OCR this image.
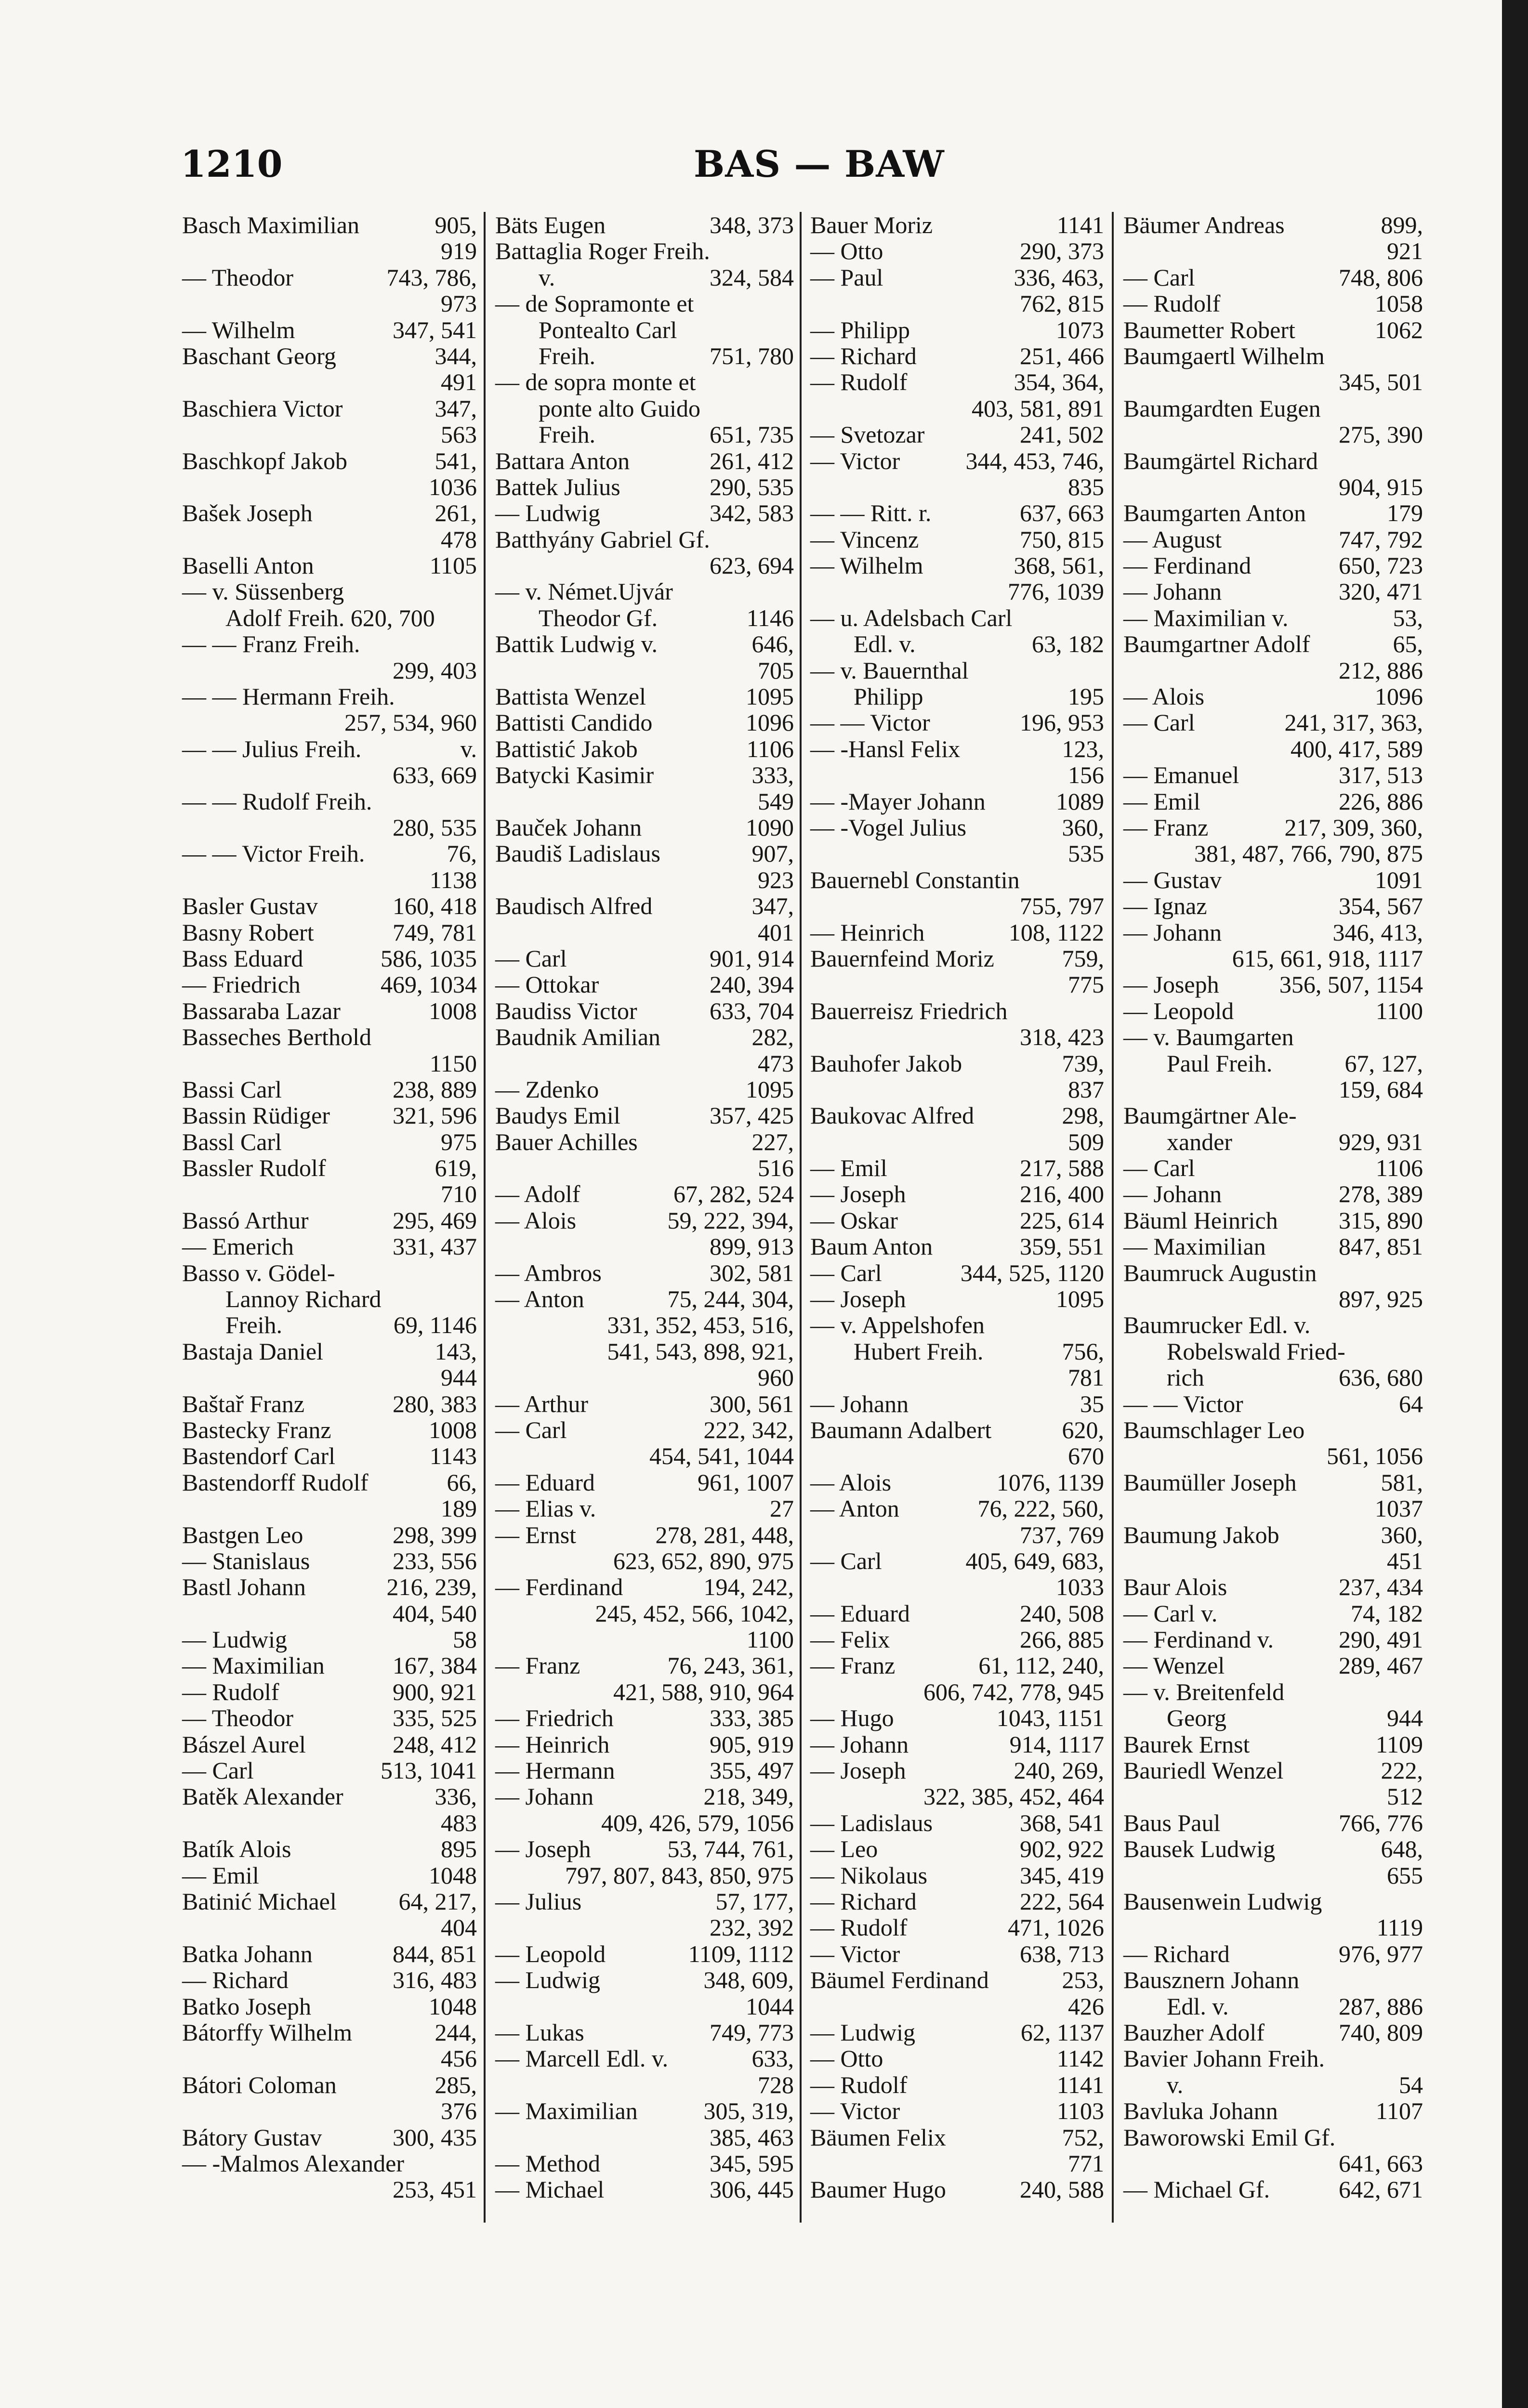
1210	BAS — BAW
Basch Maximilian	905,
919
— Theodor	743, 786,
973
— Wilhelm	347, 541
Baschant Georg	344,
491
Baschiera Victor	347,
563
Baschkopf Jakob	541,
1036
Bašek Joseph	261,
478
Baselli Anton	1105
— v. Süssenberg
Adolf Freih. 620, 700
— — Franz Freih.
299, 403
— — Hermann Freih.
257, 534, 960
— — Julius Freih.	v.
633, 669
— — Rudolf Freih.
280, 535
— — Victor Freih.	76,
1138
Basler Gustav	160, 418
Basny Robert	749, 781
Bass Eduard	586, 1035
— Friedrich	469, 1034
Bassaraba Lazar	1008
Basseches Berthold
1150
Bassi Carl	238, 889
Bassin Rüdiger	321, 596
Bassl Carl	975
Bassler Rudolf	619,
710
Bassó Arthur	295, 469
— Emerich	331, 437
Basso v. Gödel-
Lannoy Richard
Freih.	69, 1146
Bastaja Daniel	143,
944
Baštař Franz	280, 383
Bastecky Franz	1008
Bastendorf Carl	1143
Bastendorff Rudolf	66,
189
Bastgen Leo	298, 399
— Stanislaus	233, 556
Bastl Johann	216, 239,
404, 540
— Ludwig	58
— Maximilian	167, 384
— Rudolf	900, 921
— Theodor	335, 525
Bászel Aurel	248, 412
— Carl	513, 1041
Batěk Alexander	336,
483
Batík Alois	895
— Emil	1048
Batinić Michael	64, 217,
404
Batka Johann	844, 851
— Richard	316, 483
Batko Joseph	1048
Bátorffy Wilhelm	244,
456
Bátori Coloman	285,
376
Bátory Gustav	300, 435
— -Malmos Alexander
253, 451
Bäts Eugen	348, 373
Battaglia Roger Freih.
v.	324, 584
— de Sopramonte et
Pontealto Carl
Freih.	751, 780
— de sopra monte et
ponte alto Guido
Freih.	651, 735
Battara Anton	261, 412
Battek Julius	290, 535
— Ludwig	342, 583
Batthyány Gabriel Gf.
623, 694
— v. Német.Ujvár
Theodor Gf.	1146
Battik Ludwig v.	646,
705
Battista Wenzel	1095
Battisti Candido	1096
Battistić Jakob	1106
Batycki Kasimir	333,
549
Bauček Johann	1090
Baudiš Ladislaus	907,
923
Baudisch Alfred	347,
401
— Carl	901, 914
— Ottokar	240, 394
Baudiss Victor	633, 704
Baudnik Amilian	282,
473
— Zdenko	1095
Baudys Emil	357, 425
Bauer Achilles	227,
516
— Adolf	67, 282, 524
— Alois	59, 222, 394,
899, 913
— Ambros	302, 581
— Anton	75, 244, 304,
331, 352, 453, 516,
541, 543, 898, 921,
960
— Arthur	300, 561
— Carl	222, 342,
454, 541, 1044
— Eduard	961, 1007
— Elias v.	27
— Ernst	278, 281, 448,
623, 652, 890, 975
— Ferdinand	194, 242,
245, 452, 566, 1042,
1100
— Franz	76, 243, 361,
421, 588, 910, 964
— Friedrich	333, 385
— Heinrich	905, 919
— Hermann	355, 497
— Johann	218, 349,
409, 426, 579, 1056
— Joseph	53, 744, 761,
797, 807, 843, 850, 975
— Julius	57, 177,
232, 392
— Leopold	1109, 1112
— Ludwig	348, 609,
1044
— Lukas	749, 773
— Marcell Edl. v.	633,
728
— Maximilian	305, 319,
385, 463
— Method	345, 595
— Michael	306, 445
Bauer Moriz	1141
— Otto	290, 373
— Paul	336, 463,
762, 815
— Philipp	1073
— Richard	251, 466
— Rudolf	354, 364,
403, 581, 891
— Svetozar	241, 502
— Victor	344, 453, 746,
835
— — Ritt. r.	637, 663
— Vincenz	750, 815
— Wilhelm	368, 561,
776, 1039
— u. Adelsbach Carl
Edl. v.	63, 182
— v. Bauernthal
Philipp	195
— — Victor	196, 953
— -Hansl Felix	123,
156
— -Mayer Johann	1089
— -Vogel Julius	360,
535
Bauernebl Constantin
755, 797
— Heinrich	108, 1122
Bauernfeind Moriz	759,
775
Bauerreisz Friedrich
318, 423
Bauhofer Jakob	739,
837
Baukovac Alfred	298,
509
— Emil	217, 588
— Joseph	216, 400
— Oskar	225, 614
Baum Anton	359, 551
— Carl	344, 525, 1120
— Joseph	1095
— v. Appelshofen
Hubert Freih.	756,
781
— Johann	35
Baumann Adalbert	620,
670
— Alois	1076, 1139
— Anton	76, 222, 560,
737, 769
— Carl	405, 649, 683,
1033
— Eduard	240, 508
— Felix	266, 885
— Franz	61, 112, 240,
606, 742, 778, 945
— Hugo	1043, 1151
— Johann	914, 1117
— Joseph	240, 269,
322, 385, 452, 464
— Ladislaus	368, 541
— Leo	902, 922
— Nikolaus	345, 419
— Richard	222, 564
— Rudolf	471, 1026
— Victor	638, 713
Bäumel Ferdinand	253,
426
— Ludwig	62, 1137
— Otto	1142
— Rudolf	1141
— Victor	1103
Bäumen Felix	752,
771
Baumer Hugo	240, 588
Bäumer Andreas	899,
921
— Carl	748, 806
— Rudolf	1058
Baumetter Robert	1062
Baumgaertl Wilhelm
345, 501
Baumgardten Eugen
275, 390
Baumgärtel Richard
904, 915
Baumgarten Anton	179
— August	747, 792
— Ferdinand	650, 723
— Johann	320, 471
— Maximilian v.	53,
Baumgartner Adolf	65,
212, 886
— Alois	1096
— Carl	241, 317, 363,
400, 417, 589
— Emanuel	317, 513
— Emil	226, 886
— Franz	217, 309, 360,
381, 487, 766, 790, 875
— Gustav	1091
— Ignaz	354, 567
— Johann	346, 413,
615, 661, 918, 1117
— Joseph	356, 507, 1154
— Leopold	1100
— v. Baumgarten
Paul Freih.	67, 127,
159, 684
Baumgärtner Ale-
xander	929, 931
— Carl	1106
— Johann	278, 389
Bäuml Heinrich	315, 890
— Maximilian	847, 851
Baumruck Augustin
897, 925
Baumrucker Edl. v.
Robelswald Fried-
rich	636, 680
— — Victor	64
Baumschlager Leo
561, 1056
Baumüller Joseph	581,
1037
Baumung Jakob	360,
451
Baur Alois	237, 434
— Carl v.	74, 182
— Ferdinand v.	290, 491
— Wenzel	289, 467
— v. Breitenfeld
Georg	944
Baurek Ernst	1109
Bauriedl Wenzel	222,
512
Baus Paul	766, 776
Bausek Ludwig	648,
655
Bausenwein Ludwig
1119
— Richard	976, 977
Bausznern Johann
Edl. v.	287, 886
Bauzher Adolf	740, 809
Bavier Johann Freih.
v.	54
Bavluka Johann	1107
Baworowski Emil Gf.
641, 663
— Michael Gf.	642, 671
